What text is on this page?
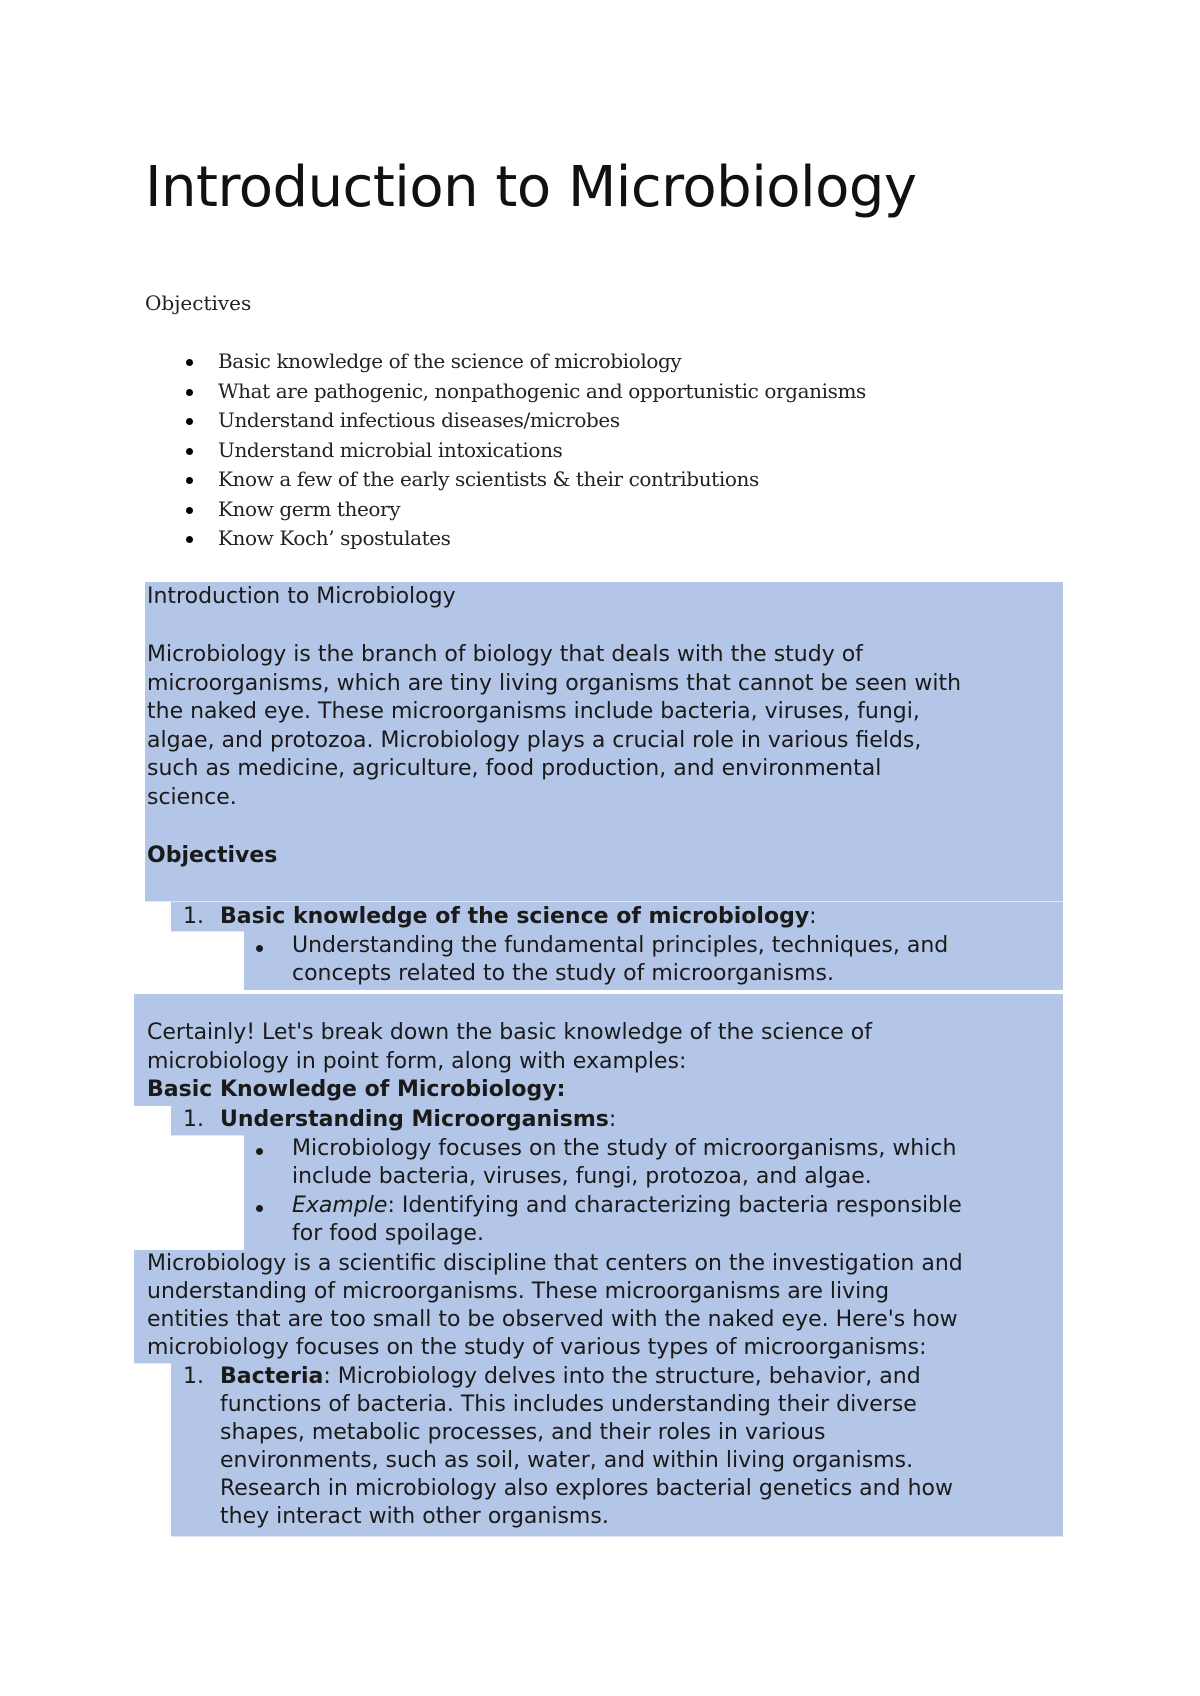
Introduction to Microbiology
Objectives
Basic knowledge of the science of microbiology
What are pathogenic, nonpathogenic and opportunistic organisms
Understand infectious diseases/microbes
Understand microbial intoxications
Know a few of the early scientists & their contributions
Know germ theory
Know Koch’ spostulates
Introduction to Microbiology
Microbiology is the branch of biology that deals with the study of
microorganisms, which are tiny living organisms that cannot be seen with
the naked eye. These microorganisms include bacteria, viruses, fungi,
algae, and protozoa. Microbiology plays a crucial role in various fields,
such as medicine, agriculture, food production, and environmental
science.
Objectives
1. Basic knowledge of the science of microbiology:
Understanding the fundamental principles, techniques, and
concepts related to the study of microorganisms.
Certainly! Let's break down the basic knowledge of the science of
microbiology in point form, along with examples:
Basic Knowledge of Microbiology:
1. Understanding Microorganisms:
Microbiology focuses on the study of microorganisms, which
include bacteria, viruses, fungi, protozoa, and algae.
Example: Identifying and characterizing bacteria responsible
for food spoilage.
Microbiology is a scientific discipline that centers on the investigation and
understanding of microorganisms. These microorganisms are living
entities that are too small to be observed with the naked eye. Here's how
microbiology focuses on the study of various types of microorganisms:
1. Bacteria: Microbiology delves into the structure, behavior, and
functions of bacteria. This includes understanding their diverse
shapes, metabolic processes, and their roles in various
environments, such as soil, water, and within living organisms.
Research in microbiology also explores bacterial genetics and how
they interact with other organisms.
